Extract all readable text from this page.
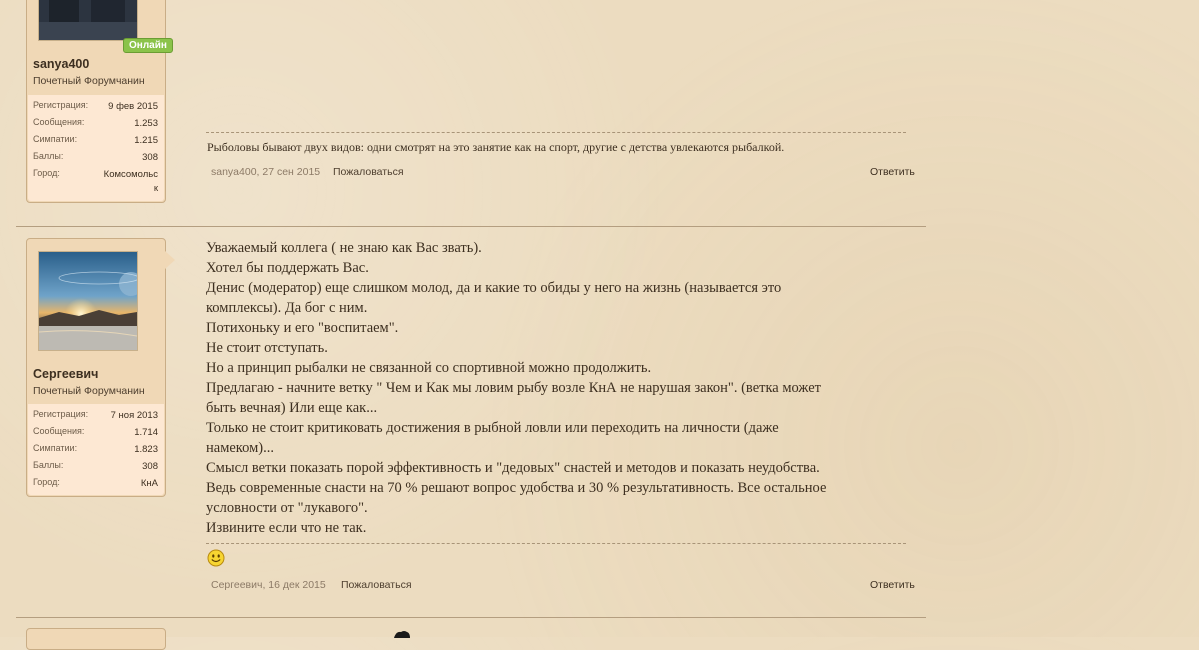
sanya400
Почетный Форумчанин
Регистрация: 9 фев 2015
Сообщения:	1.253
Симпатии:	1.215
Баллы:	308
Город:	Комсомольс
к
Онлайн
Рыболовы бывают двух видов: одни смотрят на это занятие как на спорт, другие с детства увлекаются рыбалкой.
sanya400, 27 сен 2015 Пожаловаться	Ответить
Сергеевич
Почетный Форумчанин
Регистрация: 7 ноя 2013
Сообщения:	1.714
Симпатии:	1.823
Баллы:	308
Город:	КнА
Уважаемый коллега ( не знаю как Вас звать).
Хотел бы поддержать Вас.
Денис (модератор) еще слишком молод, да и какие то обиды у него на жизнь (называется это
комплексы). Да бог с ним.
Потихоньку и его "воспитаем".
Не стоит отступать.
Но а принцип рыбалки не связанной со спортивной можно продолжить.
Предлагаю - начните ветку " Чем и Как мы ловим рыбу возле КнА не нарушая закон". (ветка может
быть вечная) Или еще как...
Только не стоит критиковать достижения в рыбной ловли или переходить на личности (даже
намеком)...
Смысл ветки показать порой эффективность и "дедовых" снастей и методов и показать неудобства.
Ведь современные снасти на 70 % решают вопрос удобства и 30 % результативность. Все остальное
условности от "лукавого".
Извините если что не так.
Сергеевич, 16 дек 2015 Пожаловаться	Ответить
